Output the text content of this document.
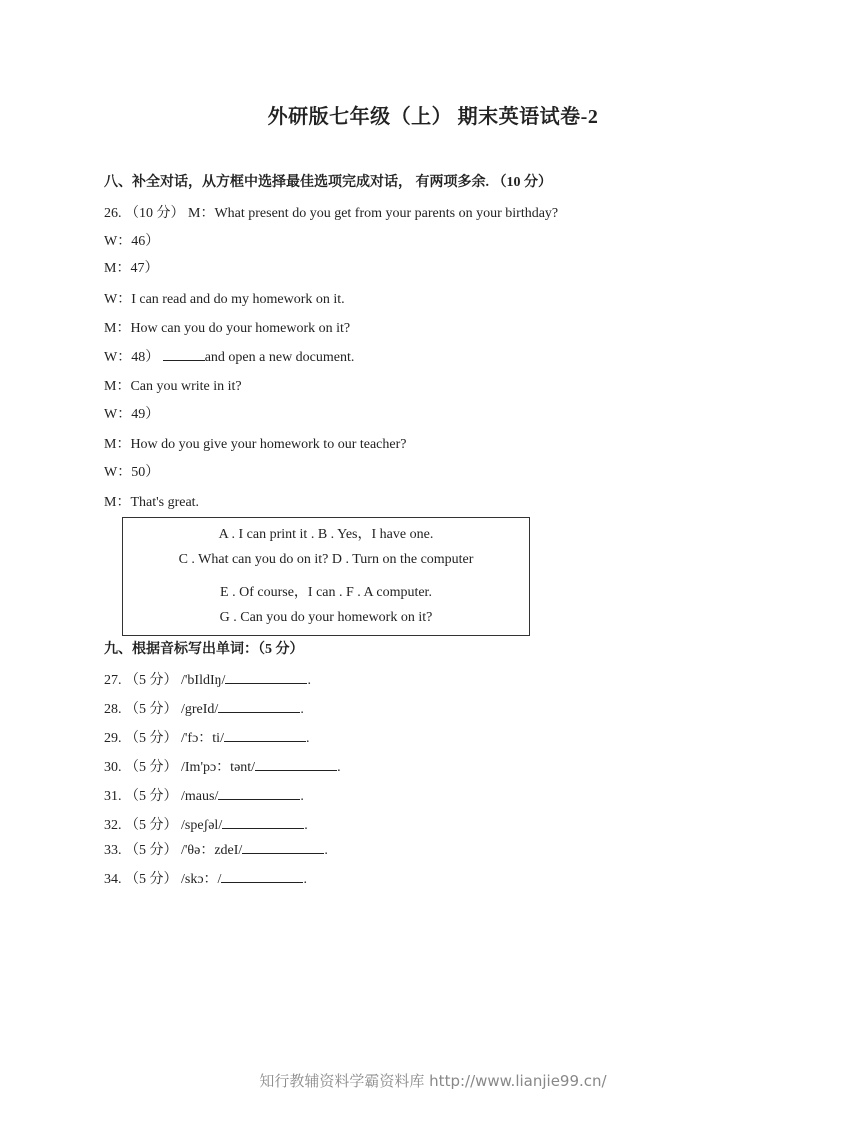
外研版七年级（上） 期末英语试卷-2
八、补全对话，从方框中选择最佳选项完成对话， 有两项多余. （10 分）
26. （10 分） M：What present do you get from your parents on your birthday?
W：46）
M：47）
W：I can read and do my homework on it.
M：How can you do your homework on it?
W：48）	and open a new document.
M：Can you write in it?
W：49）
M：How do you give your homework to our teacher?
W：50）
M：That's great.
A . I can print it . B . Yes，I have one.
C . What can you do on it? D . Turn on the computer
E . Of course，I can . F . A computer.
G . Can you do your homework on it?
九、根据音标写出单词：（5 分）
27. （5 分） /'bIldIŋ/	.
28. （5 分） /greId/	.
29. （5 分） /'fɔ：ti/	.
30. （5 分） /Im'pɔ：tənt/	.
31. （5 分） /maus/	.
32. （5 分） /speʃəl/	.
33. （5 分） /'θə：zdeI/	.
34. （5 分） /skɔ：/	.
知行教辅资料学霸资料库 http://www.lianjie99.cn/
